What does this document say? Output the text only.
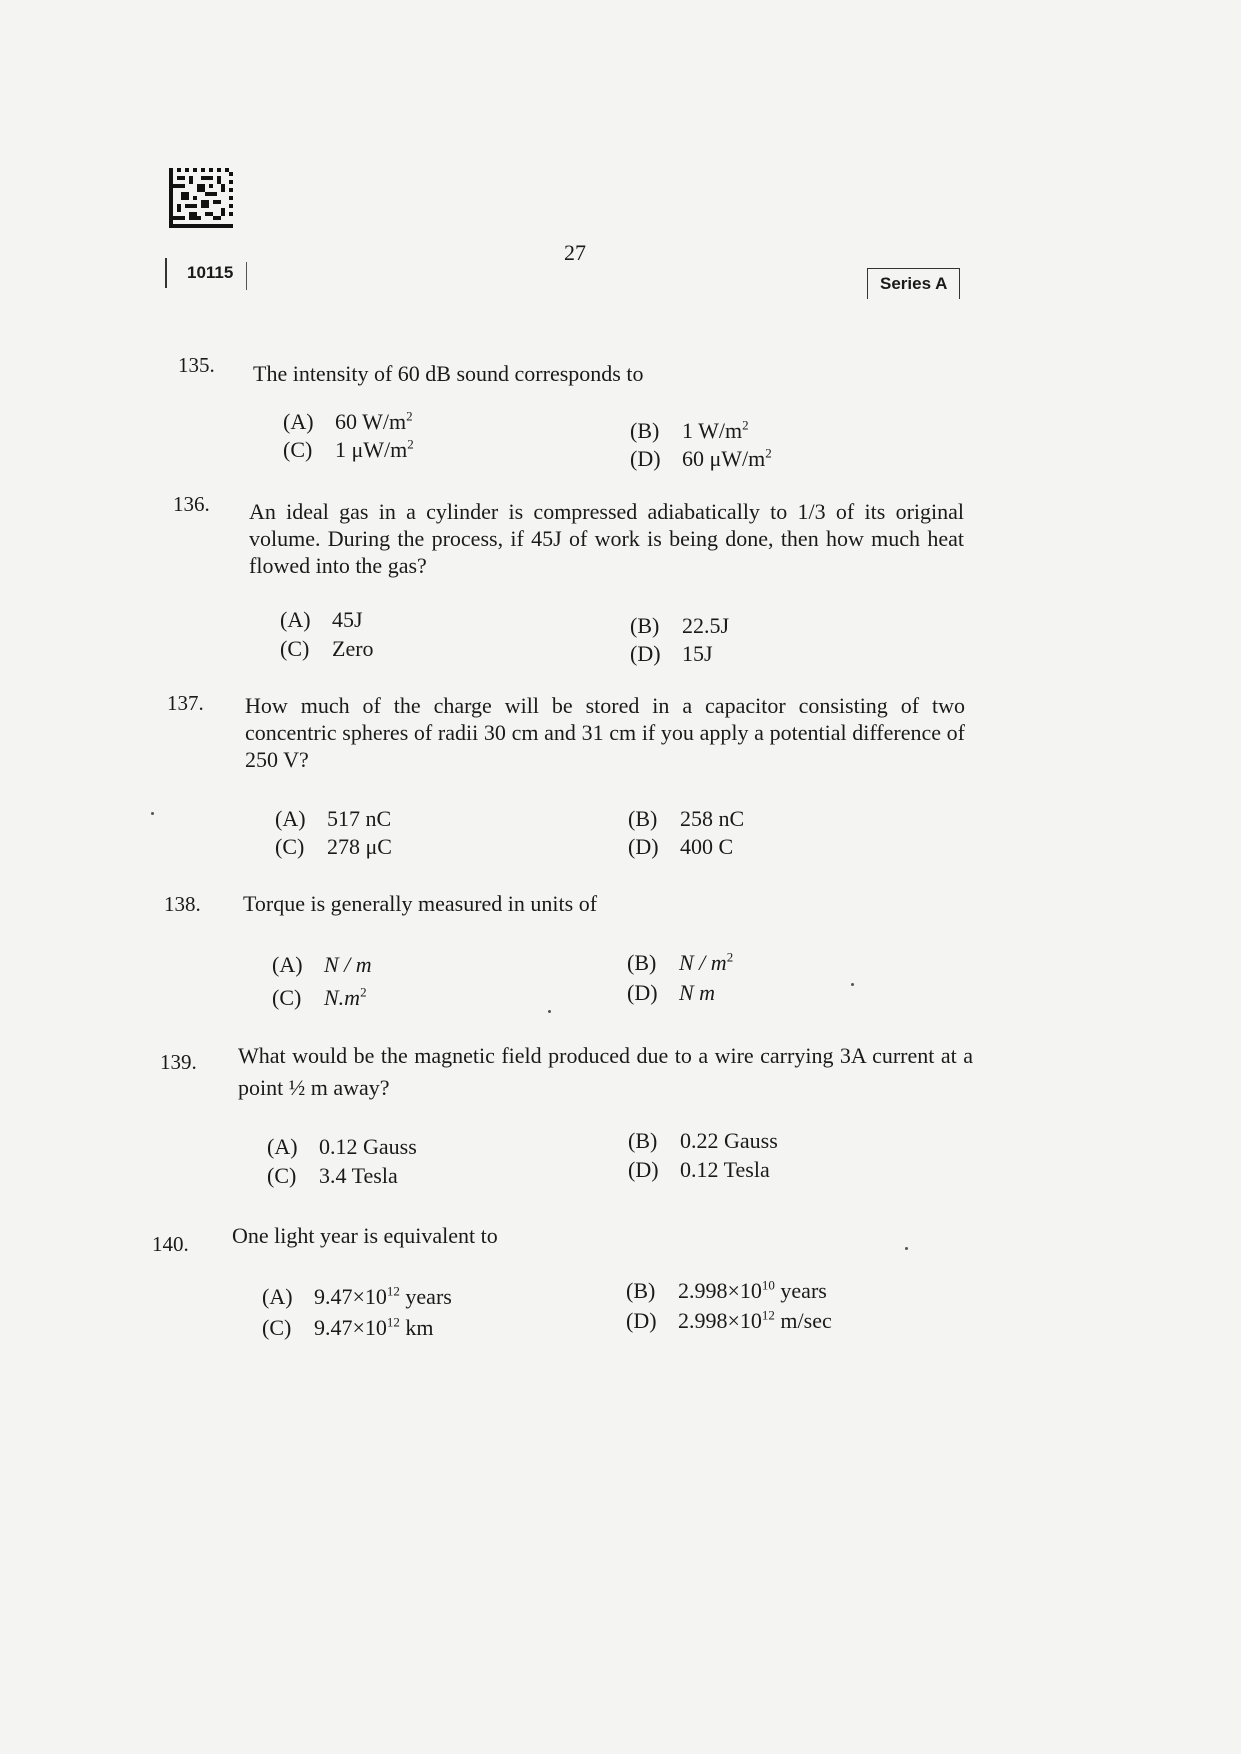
10115
27
Series A
135. The intensity of 60 dB sound corresponds to
(A) 60 $W/m^2$
(C) 1 $\mu W/m^2$
(B) 1 $W/m^2$
(D) 60 $\mu W/m^2$
136. An ideal gas in a cylinder is compressed adiabatically to 1/3 of its original volume. During the process, if 45J of work is being done, then how much heat flowed into the gas?
(A) 45J
(C) Zero
(B) 22.5J
(D) 15J
137. How much of the charge will be stored in a capacitor consisting of two concentric spheres of radii 30 cm and 31 cm if you apply a potential difference of 250 V?
(A) 517 nC
(C) 278 μC
(B) 258 nC
(D) 400 C
138. Torque is generally measured in units of
(A) N / m
(C) $N.m^2$
(B) N / $m^2$
(D) N m
139. What would be the magnetic field produced due to a wire carrying 3A current at a point ½ m away?
(A) 0.12 Gauss
(C) 3.4 Tesla
(B) 0.22 Gauss
(D) 0.12 Tesla
140. One light year is equivalent to
(A) $9.47\times 10^{12}$ years
(C) $9.47\times 10^{12}$ km
(B) $2.998\times 10^{10}$ years
(D) $2.998\times 10^{12}$ m/sec
